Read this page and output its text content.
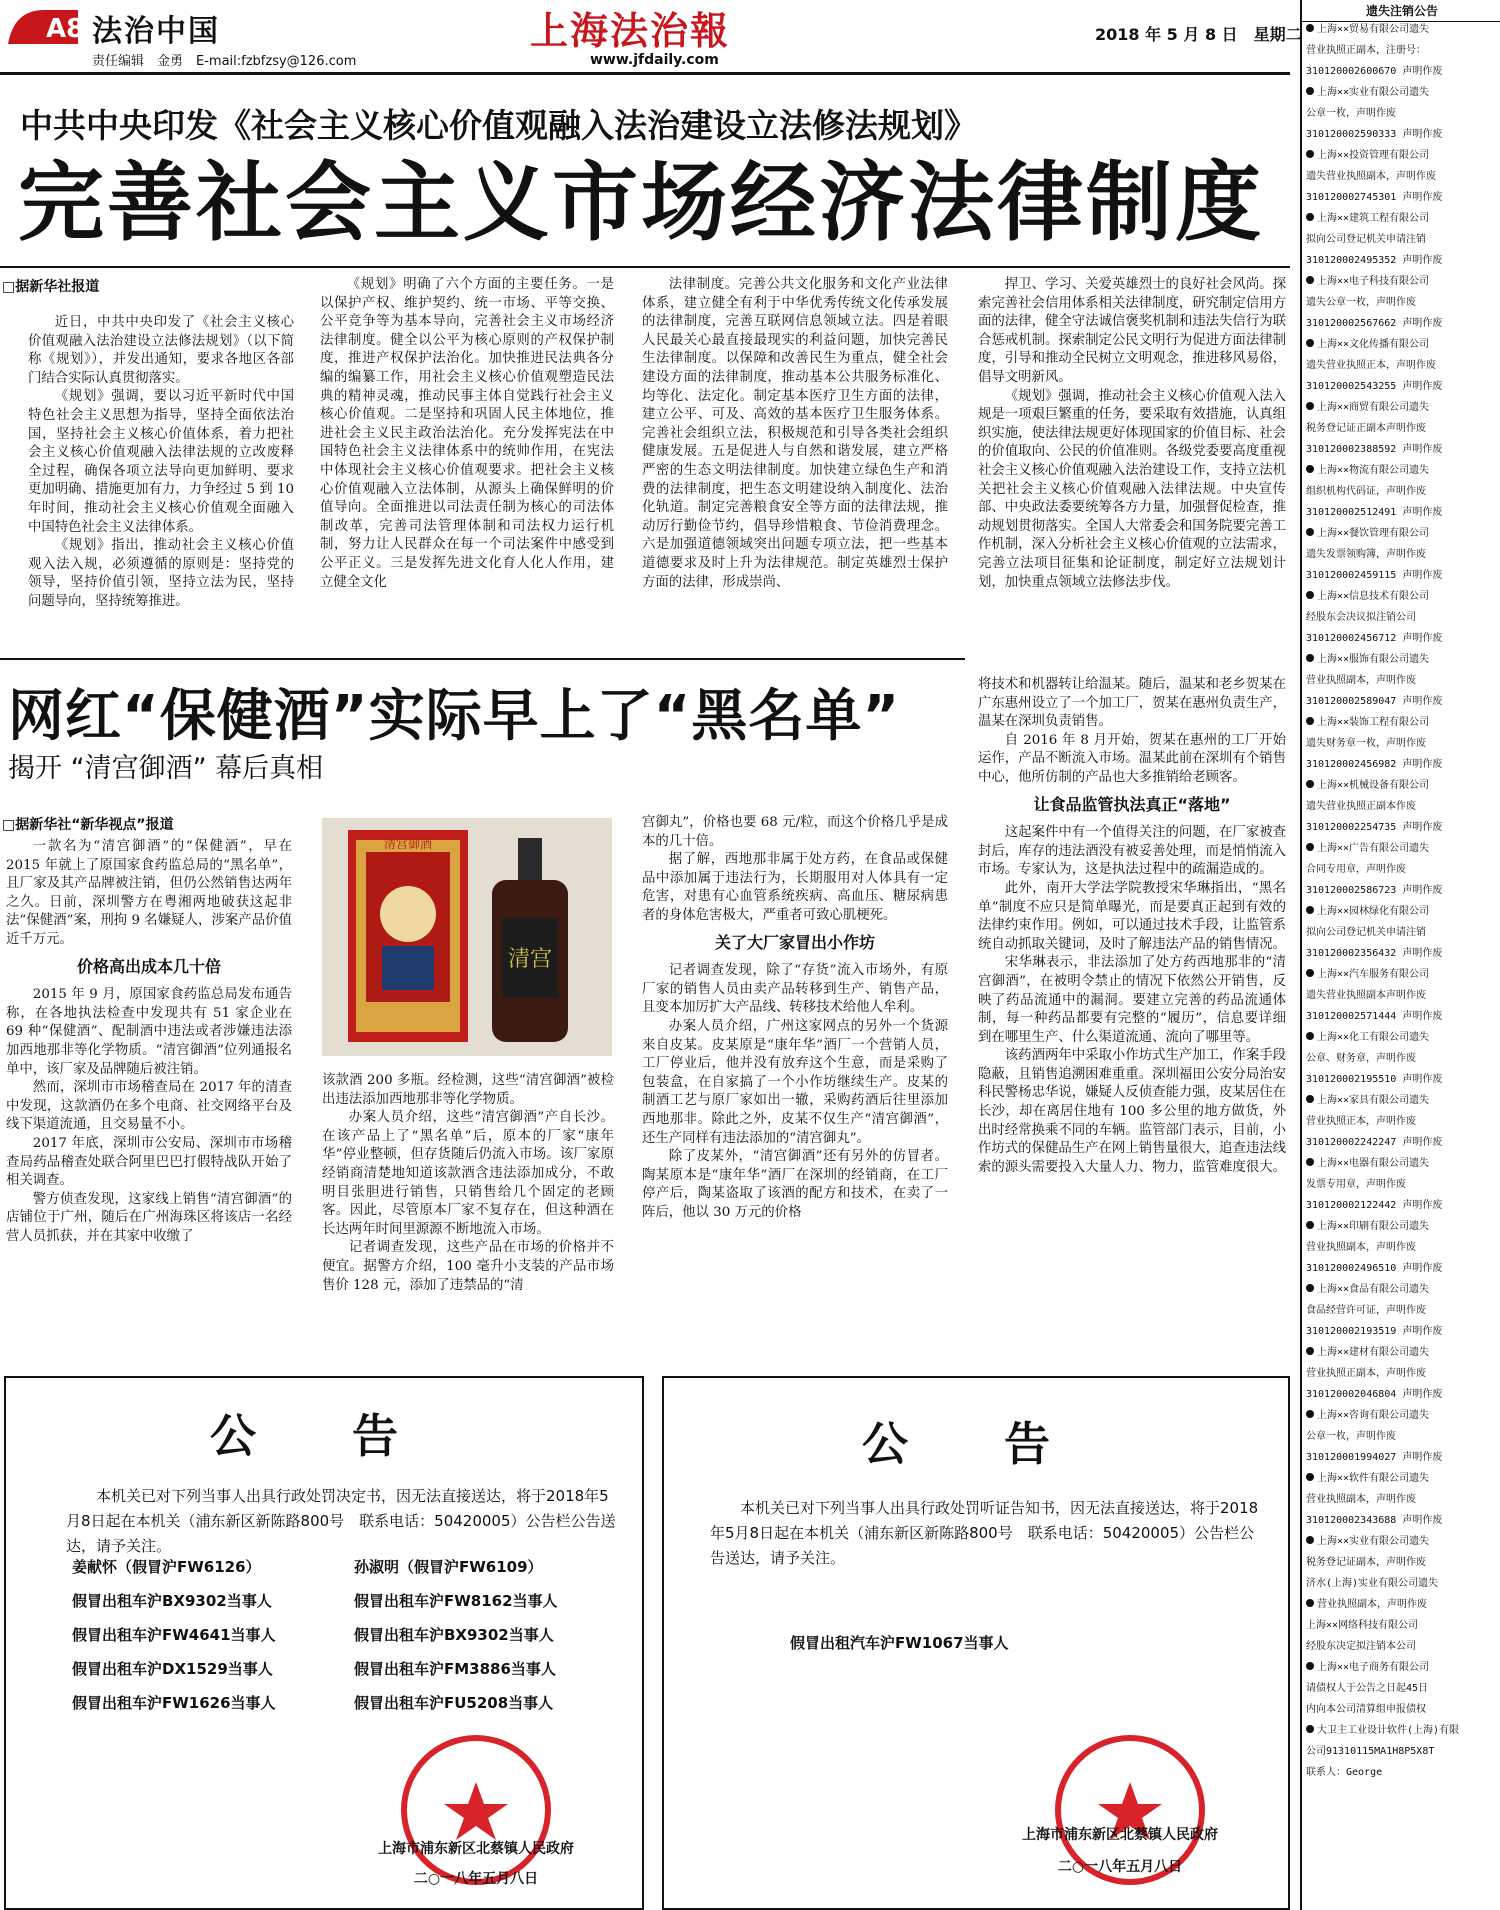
A8 法治中国
责任编辑　金勇　E-mail:fzbfzsy@126.com
上海法治報
www.jfdaily.com
2018 年 5 月 8 日　星期二
中共中央印发《社会主义核心价值观融入法治建设立法修法规划》
完善社会主义市场经济法律制度
□据新华社报道

近日，中共中央印发了《社会主义核心价值观融入法治建设立法修法规划》（以下简称《规划》），并发出通知，要求各地区各部门结合实际认真贯彻落实。

《规划》强调，要以习近平新时代中国特色社会主义思想为指导，坚持全面依法治国，坚持社会主义核心价值体系，着力把社会主义核心价值观融入法律法规的立改废释全过程，确保各项立法导向更加鲜明、要求更加明确、措施更加有力，力争经过 5 到 10 年时间，推动社会主义核心价值观全面融入中国特色社会主义法律体系。

《规划》指出，推动社会主义核心价值观入法入规，必须遵循的原则是：坚持党的领导，坚持价值引领，坚持立法为民，坚持问题导向，坚持统筹推进。

《规划》明确了六个方面的主要任务。一是以保护产权、维护契约、统一市场、平等交换、公平竞争等为基本导向，完善社会主义市场经济法律制度。健全以公平为核心原则的产权保护制度，推进产权保护法治化。加快推进民法典各分编的编纂工作，用社会主义核心价值观塑造民法典的精神灵魂，推动民事主体自觉践行社会主义核心价值观。二是坚持和巩固人民主体地位，推进社会主义民主政治法治化。充分发挥宪法在中国特色社会主义法律体系中的统帅作用，在宪法中体现社会主义核心价值观要求。把社会主义核心价值观融入立法体制，从源头上确保鲜明的价值导向。全面推进以司法责任制为核心的司法体制改革，完善司法管理体制和司法权力运行机制，努力让人民群众在每一个司法案件中感受到公平正义。三是发挥先进文化育人化人作用，建立健全文化

法律制度。完善公共文化服务和文化产业法律体系，建立健全有利于中华优秀传统文化传承发展的法律制度，完善互联网信息领域立法。四是着眼人民最关心最直接最现实的利益问题，加快完善民生法律制度。以保障和改善民生为重点，健全社会建设方面的法律制度，推动基本公共服务标准化、均等化、法定化。制定基本医疗卫生方面的法律，建立公平、可及、高效的基本医疗卫生服务体系。完善社会组织立法，积极规范和引导各类社会组织健康发展。五是促进人与自然和谐发展，建立严格严密的生态文明法律制度。加快建立绿色生产和消费的法律制度，把生态文明建设纳入制度化、法治化轨道。制定完善粮食安全等方面的法律法规，推动厉行勤俭节约，倡导珍惜粮食、节俭消费理念。六是加强道德领域突出问题专项立法，把一些基本道德要求及时上升为法律规范。制定英雄烈士保护方面的法律，形成崇尚、

捍卫、学习、关爱英雄烈士的良好社会风尚。探索完善社会信用体系相关法律制度，研究制定信用方面的法律，健全守法诚信褒奖机制和违法失信行为联合惩戒机制。探索制定公民文明行为促进方面法律制度，引导和推动全民树立文明观念，推进移风易俗，倡导文明新风。

《规划》强调，推动社会主义核心价值观入法入规是一项艰巨繁重的任务，要采取有效措施，认真组织实施，使法律法规更好体现国家的价值目标、社会的价值取向、公民的价值准则。各级党委要高度重视社会主义核心价值观融入法治建设工作，支持立法机关把社会主义核心价值观融入法律法规。中央宣传部、中央政法委要统筹各方力量，加强督促检查，推动规划贯彻落实。全国人大常委会和国务院要完善工作机制，深入分析社会主义核心价值观的立法需求，完善立法项目征集和论证制度，制定好立法规划计划，加快重点领域立法修法步伐。

网红“保健酒”实际早上了“黑名单”
揭开 “清宫御酒” 幕后真相
□据新华社“新华视点”报道

一款名为“清宫御酒”的“保健酒”，早在 2015 年就上了原国家食药监总局的“黑名单”，且厂家及其产品牌被注销，但仍公然销售达两年之久。日前，深圳警方在粤湘两地破获这起非法“保健酒”案，刑拘 9 名嫌疑人，涉案产品价值近千万元。

价格高出成本几十倍

2015 年 9 月，原国家食药监总局发布通告称，在各地执法检查中发现共有 51 家企业在 69 种“保健酒”、配制酒中违法或者涉嫌违法添加西地那非等化学物质。“清宫御酒”位列通报名单中，该厂家及品牌随后被注销。

然而，深圳市市场稽查局在 2017 年的清查中发现，这款酒仍在多个电商、社交网络平台及线下渠道流通，且交易量不小。

2017 年底，深圳市公安局、深圳市市场稽查局药品稽查处联合阿里巴巴打假特战队开始了相关调查。

警方侦查发现，这家线上销售“清宫御酒”的店铺位于广州，随后在广州海珠区将该店一名经营人员抓获，并在其家中收缴了

清宫御酒
清宫

该款酒 200 多瓶。经检测，这些“清宫御酒”被检出违法添加西地那非等化学物质。

办案人员介绍，这些“清宫御酒”产自长沙。在该产品上了“黑名单”后，原本的厂家“康年华”停业整顿，但存货随后仍流入市场。该厂家原经销商清楚地知道该款酒含违法添加成分，不敢明目张胆进行销售，只销售给几个固定的老顾客。因此，尽管原本厂家不复存在，但这种酒在长达两年时间里源源不断地流入市场。

记者调查发现，这些产品在市场的价格并不便宜。据警方介绍，100 毫升小支装的产品市场售价 128 元，添加了违禁品的“清

宫御丸”，价格也要 68 元/粒，而这个价格几乎是成本的几十倍。

据了解，西地那非属于处方药，在食品或保健品中添加属于违法行为，长期服用对人体具有一定危害，对患有心血管系统疾病、高血压、糖尿病患者的身体危害极大，严重者可致心肌梗死。

关了大厂家冒出小作坊

记者调查发现，除了“存货”流入市场外，有原厂家的销售人员由卖产品转移到生产、销售产品，且变本加厉扩大产品线、转移技术给他人牟利。

办案人员介绍，广州这家网点的另外一个货源来自皮某。皮某原是“康年华”酒厂一个营销人员，工厂停业后，他并没有放弃这个生意，而是采购了包装盒，在自家搞了一个小作坊继续生产。皮某的制酒工艺与原厂家如出一辙，采购药酒后往里添加西地那非。除此之外，皮某不仅生产“清宫御酒”，还生产同样有违法添加的“清宫御丸”。

除了皮某外，“清宫御酒”还有另外的仿冒者。陶某原本是“康年华”酒厂在深圳的经销商，在工厂停产后，陶某盗取了该酒的配方和技术，在卖了一阵后，他以 30 万元的价格

将技术和机器转让给温某。随后，温某和老乡贺某在广东惠州设立了一个加工厂，贺某在惠州负责生产，温某在深圳负责销售。

自 2016 年 8 月开始，贺某在惠州的工厂开始运作，产品不断流入市场。温某此前在深圳有个销售中心，他所仿制的产品也大多推销给老顾客。

让食品监管执法真正“落地”

这起案件中有一个值得关注的问题，在厂家被查封后，库存的违法酒没有被妥善处理，而是悄悄流入市场。专家认为，这是执法过程中的疏漏造成的。

此外，南开大学法学院教授宋华琳指出，“黑名单”制度不应只是简单曝光，而是要真正起到有效的法律约束作用。例如，可以通过技术手段，让监管系统自动抓取关键词，及时了解违法产品的销售情况。

宋华琳表示，非法添加了处方药西地那非的“清宫御酒”，在被明令禁止的情况下依然公开销售，反映了药品流通中的漏洞。要建立完善的药品流通体制，每一种药品都要有完整的“履历”，信息要详细到在哪里生产、什么渠道流通、流向了哪里等。

该药酒两年中采取小作坊式生产加工，作案手段隐蔽，且销售追溯困难重重。深圳福田公安分局治安科民警杨忠华说，嫌疑人反侦查能力强，皮某居住在长沙，却在离居住地有 100 多公里的地方做货，外出时经常换乘不同的车辆。监管部门表示，目前，小作坊式的保健品生产在网上销售量很大，追查违法线索的源头需要投入大量人力、物力，监管难度很大。

公 告
本机关已对下列当事人出具行政处罚决定书，因无法直接送达，将于2018年5月8日起在本机关（浦东新区新陈路800号　联系电话：50420005）公告栏公告送达，请予关注。
姜献怀（假冒沪FW6126）
假冒出租车沪BX9302当事人
假冒出租车沪FW4641当事人
假冒出租车沪DX1529当事人
假冒出租车沪FW1626当事人
孙淑明（假冒沪FW6109）
假冒出租车沪FW8162当事人
假冒出租车沪BX9302当事人
假冒出租车沪FM3886当事人
假冒出租车沪FU5208当事人
上海市浦东新区北蔡镇人民政府
二○一八年五月八日
公 告
本机关已对下列当事人出具行政处罚听证告知书，因无法直接送达，将于2018年5月8日起在本机关（浦东新区新陈路800号　联系电话：50420005）公告栏公告送达，请予关注。
假冒出租汽车沪FW1067当事人
上海市浦东新区北蔡镇人民政府
二○一八年五月八日
遗失注销公告
上海××贸易有限公司遗失
营业执照正副本，注册号：
310120002600670 声明作废
上海××实业有限公司遗失
公章一枚，声明作废
310120002590333 声明作废
上海××投资管理有限公司
遗失营业执照副本，声明作废
310120002745301 声明作废
上海××建筑工程有限公司
拟向公司登记机关申请注销
310120002495352 声明作废
上海××电子科技有限公司
遗失公章一枚，声明作废
310120002567662 声明作废
上海××文化传播有限公司
遗失营业执照正本，声明作废
310120002543255 声明作废
上海××商贸有限公司遗失
税务登记证正副本声明作废
310120002388592 声明作废
上海××物流有限公司遗失
组织机构代码证，声明作废
310120002512491 声明作废
上海××餐饮管理有限公司
遗失发票领购簿，声明作废
310120002459115 声明作废
上海××信息技术有限公司
经股东会决议拟注销公司
310120002456712 声明作废
上海××服饰有限公司遗失
营业执照副本，声明作废
310120002589047 声明作废
上海××装饰工程有限公司
遗失财务章一枚，声明作废
310120002456982 声明作废
上海××机械设备有限公司
遗失营业执照正副本作废
310120002254735 声明作废
上海××广告有限公司遗失
合同专用章，声明作废
310120002586723 声明作废
上海××园林绿化有限公司
拟向公司登记机关申请注销
310120002356432 声明作废
上海××汽车服务有限公司
遗失营业执照副本声明作废
310120002571444 声明作废
上海××化工有限公司遗失
公章、财务章，声明作废
310120002195510 声明作废
上海××家具有限公司遗失
营业执照正本，声明作废
310120002242247 声明作废
上海××电器有限公司遗失
发票专用章，声明作废
310120002122442 声明作废
上海××印刷有限公司遗失
营业执照副本，声明作废
310120002496510 声明作废
上海××食品有限公司遗失
食品经营许可证，声明作废
310120002193519 声明作废
上海××建材有限公司遗失
营业执照正副本，声明作废
310120002046804 声明作废
上海××咨询有限公司遗失
公章一枚，声明作废
310120001994027 声明作废
上海××软件有限公司遗失
营业执照副本，声明作废
310120002343688 声明作废
上海××实业有限公司遗失
税务登记证副本，声明作废
济水(上海)实业有限公司遗失
营业执照副本，声明作废
上海××网络科技有限公司
经股东决定拟注销本公司
上海××电子商务有限公司
请债权人于公告之日起45日
内向本公司清算组申报债权
大卫主工业设计软件(上海)有限
公司91310115MA1H8P5X8T
联系人：George
